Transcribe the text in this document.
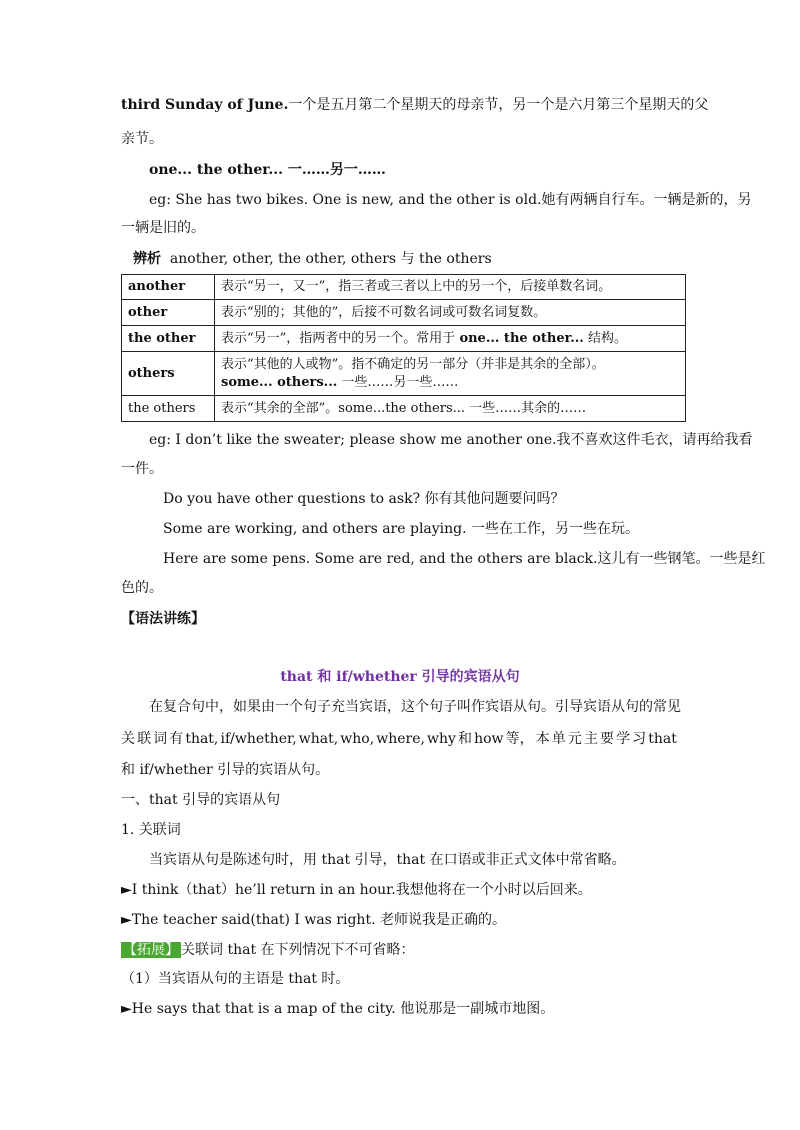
third Sunday of June.一个是五月第二个星期天的母亲节，另一个是六月第三个星期天的父
亲节。
one... the other... 一……另一……
eg: She has two bikes. One is new, and the other is old.她有两辆自行车。一辆是新的，另
一辆是旧的。
辨析 another, other, the other, others 与 the others
another	表示“另一，又一”，指三者或三者以上中的另一个，后接单数名词。
other	表示“别的；其他的”，后接不可数名词或可数名词复数。
the other	表示“另一”，指两者中的另一个。常用于 one... the other... 结构。
others	表示“其他的人或物”。指不确定的另一部分（并非是其余的全部）。
some... others... 一些……另一些……
the others	表示“其余的全部”。some...the others... 一些……其余的……
eg: I don’t like the sweater; please show me another one.我不喜欢这件毛衣，请再给我看
一件。
Do you have other questions to ask? 你有其他问题要问吗？
Some are working, and others are playing. 一些在工作，另一些在玩。
Here are some pens. Some are red, and the others are black.这儿有一些钢笔。一些是红
色的。
【语法讲练】
that 和 if/whether 引导的宾语从句
在复合句中，如果由一个句子充当宾语，这个句子叫作宾语从句。引导宾语从句的常见
关 联 词 有 that, if/whether, what, who, where, why 和 how 等， 本 单 元 主 要 学 习 that
和 if/whether 引导的宾语从句。
一、that 引导的宾语从句
1. 关联词
当宾语从句是陈述句时，用 that 引导，that 在口语或非正式文体中常省略。
►I think（that）he’ll return in an hour.我想他将在一个小时以后回来。
►The teacher said(that) I was right. 老师说我是正确的。
【拓展】 关联词 that 在下列情况下不可省略：
（1）当宾语从句的主语是 that 时。
►He says that that is a map of the city. 他说那是一副城市地图。
